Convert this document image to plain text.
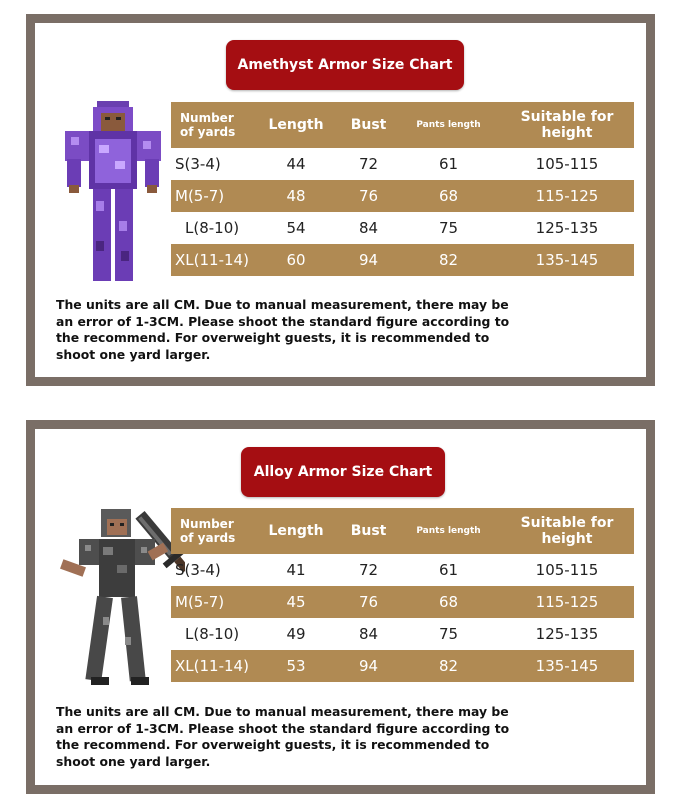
Amethyst Armor Size Chart
Number
of yards	Length	Bust	Pants length	Suitable for height
S(3-4)	44	72	61	105-115
M(5-7)	48	76	68	115-125
L(8-10)	54	84	75	125-135
XL(11-14)	60	94	82	135-145
The units are all CM. Due to manual measurement, there may be an error of 1-3CM. Please shoot the standard figure according to the recommend. For overweight guests, it is recommended to shoot one yard larger.
Alloy Armor Size Chart
Number
of yards	Length	Bust	Pants length	Suitable for height
S(3-4)	41	72	61	105-115
M(5-7)	45	76	68	115-125
L(8-10)	49	84	75	125-135
XL(11-14)	53	94	82	135-145
The units are all CM. Due to manual measurement, there may be an error of 1-3CM. Please shoot the standard figure according to the recommend. For overweight guests, it is recommended to shoot one yard larger.
